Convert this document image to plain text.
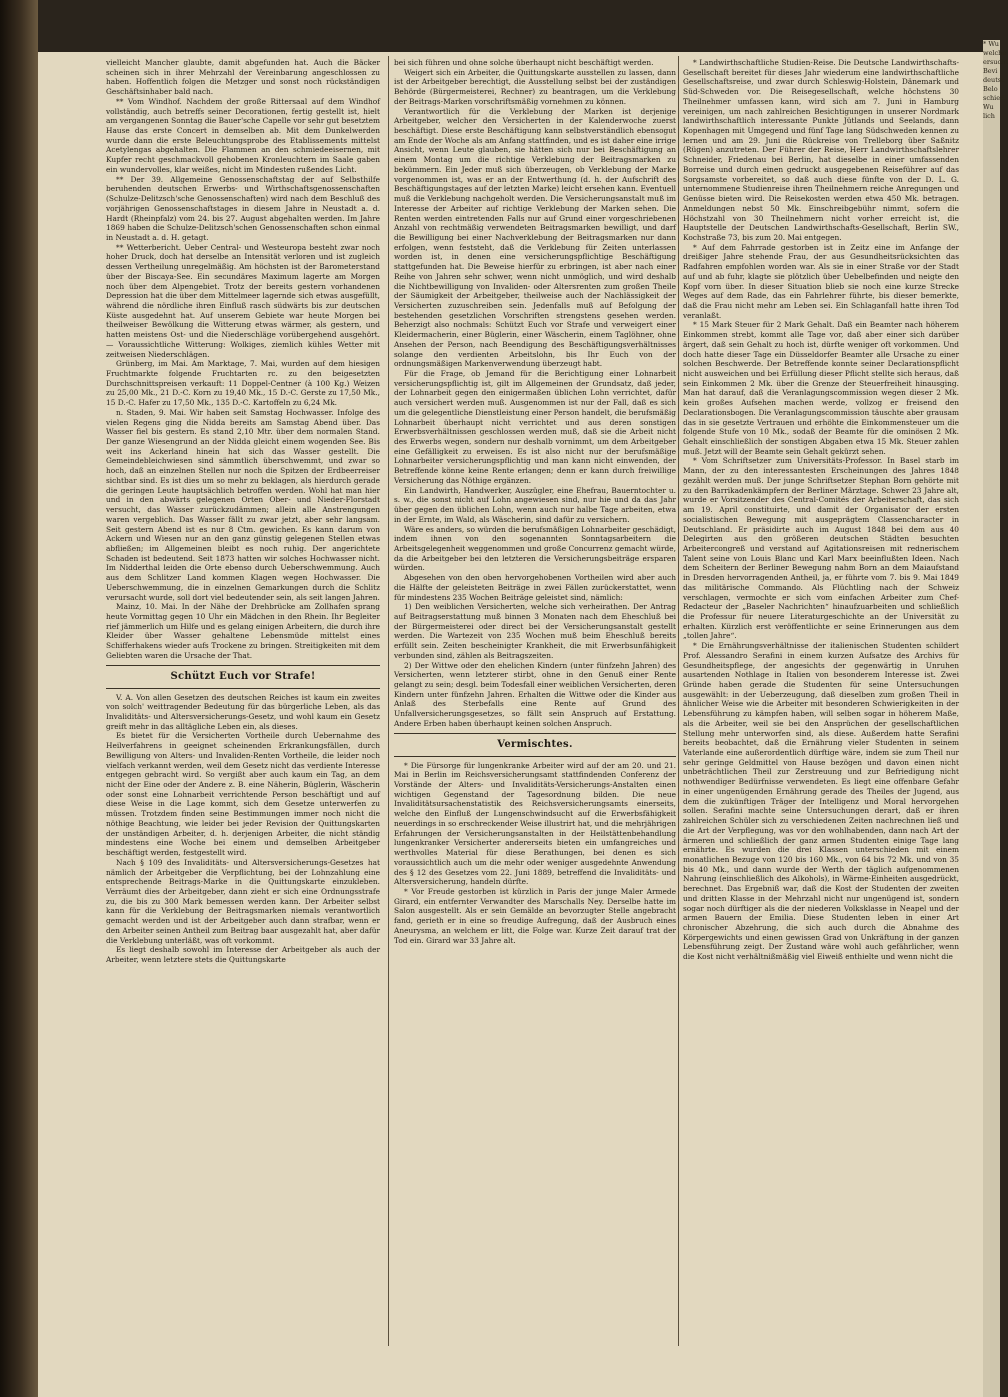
vielleicht Mancher glaubte, damit abgefunden hat. Auch die Bäcker scheinen sich in ihrer Mehrzahl der Vereinbarung angeschlossen zu haben. Hoffentlich folgen die Metzger und sonst noch rückständigen Geschäftsinhaber bald nach.

** Vom Windhof. Nachdem der große Rittersaal auf dem Windhof vollständig, auch betreffs seiner Decorationen, fertig gestellt ist, hielt am vergangenen Sonntag die Bauer'sche Capelle vor sehr gut besetztem Hause das erste Concert in demselben ab. Mit dem Dunkelwerden wurde dann die erste Beleuchtungsprobe des Etablissements mittelst Acetylengas abgehalten. Die Flammen an den schmiedeeisernen, mit Kupfer recht geschmackvoll gehobenen Kronleuchtern im Saale gaben ein wundervolles, klar weißes, nicht im Mindesten rußendes Licht.

** Der 39. Allgemeine Genossenschaftstag der auf Selbsthilfe beruhenden deutschen Erwerbs- und Wirthschaftsgenossenschaften (Schulze-Delitzsch'sche Genossenschaften) wird nach dem Beschluß des vorjährigen Genossenschaftstages in diesem Jahre in Neustadt a. d. Hardt (Rheinpfalz) vom 24. bis 27. August abgehalten werden. Im Jahre 1869 haben die Schulze-Delitzsch'schen Genossenschaften schon einmal in Neustadt a. d. H. getagt.

** Wetterbericht. Ueber Central- und Westeuropa besteht zwar noch hoher Druck, doch hat derselbe an Intensität verloren und ist zugleich dessen Vertheilung unregelmäßig. Am höchsten ist der Barometerstand über der Biscaya-See. Ein secundäres Maximum lagerte am Morgen noch über dem Alpengebiet. Trotz der bereits gestern vorhandenen Depression hat die über dem Mittelmeer lagernde sich etwas ausgefüllt, während die nördliche ihren Einfluß rasch südwärts bis zur deutschen Küste ausgedehnt hat. Auf unserem Gebiete war heute Morgen bei theilweiser Bewölkung die Witterung etwas wärmer, als gestern, und hatten meistens Ost- und die Niederschläge vorübergehend ausgehört. — Voraussichtliche Witterung: Wolkiges, ziemlich kühles Wetter mit zeitweisen Niederschlägen.

Grünberg, im Mai. Am Marktage, 7. Mai, wurden auf dem hiesigen Fruchtmarkte folgende Fruchtarten rc. zu den beigesetzten Durchschnittspreisen verkauft: 11 Doppel-Centner (à 100 Kg.) Weizen zu 25,00 Mk., 21 D.-C. Korn zu 19,40 Mk., 15 D.-C. Gerste zu 17,50 Mk., 15 D.-C. Hafer zu 17,50 Mk., 135 D.-C. Kartoffeln zu 6,24 Mk.

n. Staden, 9. Mai. Wir haben seit Samstag Hochwasser. Infolge des vielen Regens ging die Nidda bereits am Samstag Abend über. Das Wasser fiel bis gestern. Es stand 2,10 Mtr. über dem normalen Stand. Der ganze Wiesengrund an der Nidda gleicht einem wogenden See. Bis weit ins Ackerland hinein hat sich das Wasser gestellt. Die Gemeindebleichwiesen sind sämmtlich überschwemmt, und zwar so hoch, daß an einzelnen Stellen nur noch die Spitzen der Erdbeerreiser sichtbar sind. Es ist dies um so mehr zu beklagen, als hierdurch gerade die geringen Leute hauptsächlich betroffen werden. Wohl hat man hier und in den abwärts gelegenen Orten Ober- und Nieder-Florstadt versucht, das Wasser zurückzudämmen; allein alle Anstrengungen waren vergeblich. Das Wasser fällt zu zwar jetzt, aber sehr langsam. Seit gestern Abend ist es nur 8 Ctm. gewichen. Es kann darum von Ackern und Wiesen nur an den ganz günstig gelegenen Stellen etwas abfließen; im Allgemeinen bleibt es noch ruhig. Der angerichtete Schaden ist bedeutend. Seit 1873 hatten wir solches Hochwasser nicht. Im Nidderthal leiden die Orte ebenso durch Ueberschwemmung. Auch aus dem Schlitzer Land kommen Klagen wegen Hochwasser. Die Ueberschwemmung, die in einzelnen Gemarkungen durch die Schlitz verursacht wurde, soll dort viel bedeutender sein, als seit langen Jahren.

Mainz, 10. Mai. In der Nähe der Drehbrücke am Zollhafen sprang heute Vormittag gegen 10 Uhr ein Mädchen in den Rhein. Ihr Begleiter rief jämmerlich um Hilfe und es gelang einigen Arbeitern, die durch ihre Kleider über Wasser gehaltene Lebensmüde mittelst eines Schifferhakens wieder aufs Trockene zu bringen. Streitigkeiten mit dem Geliebten waren die Ursache der That.

Schützt Euch vor Strafe!

V. A. Von allen Gesetzen des deutschen Reiches ist kaum ein zweites von solch' weittragender Bedeutung für das bürgerliche Leben, als das Invaliditäts- und Altersversicherungs-Gesetz, und wohl kaum ein Gesetz greift mehr in das alltägliche Leben ein, als dieses.

Es bietet für die Versicherten Vortheile durch Uebernahme des Heilverfahrens in geeignet scheinenden Erkrankungsfällen, durch Bewilligung von Alters- und Invaliden-Renten Vortheile, die leider noch vielfach verkannt werden, weil dem Gesetz nicht das verdiente Interesse entgegen gebracht wird. So vergißt aber auch kaum ein Tag, an dem nicht der Eine oder der Andere z. B. eine Näherin, Büglerin, Wäscherin oder sonst eine Lohnarbeit verrichtende Person beschäftigt und auf diese Weise in die Lage kommt, sich dem Gesetze unterwerfen zu müssen. Trotzdem finden seine Bestimmungen immer noch nicht die nöthige Beachtung, wie leider bei jeder Revision der Quittungskarten der unständigen Arbeiter, d. h. derjenigen Arbeiter, die nicht ständig mindestens eine Woche bei einem und demselben Arbeitgeber beschäftigt werden, festgestellt wird.

Nach § 109 des Invaliditäts- und Altersversicherungs-Gesetzes hat nämlich der Arbeitgeber die Verpflichtung, bei der Lohnzahlung eine entsprechende Beitrags-Marke in die Quittungskarte einzukleben. Verräumt dies der Arbeitgeber, dann zieht er sich eine Ordnungsstrafe zu, die bis zu 300 Mark bemessen werden kann. Der Arbeiter selbst kann für die Verklebung der Beitragsmarken niemals verantwortlich gemacht werden und ist der Arbeitgeber auch dann strafbar, wenn er den Arbeiter seinen Antheil zum Beitrag baar ausgezahlt hat, aber dafür die Verklebung unterläßt, was oft vorkommt.

Es liegt deshalb sowohl im Interesse der Arbeitgeber als auch der Arbeiter, wenn letztere stets die Quittungskarte

bei sich führen und ohne solche überhaupt nicht beschäftigt werden.

Weigert sich ein Arbeiter, die Quittungskarte ausstellen zu lassen, dann ist der Arbeitgeber berechtigt, die Ausstellung selbst bei der zuständigen Behörde (Bürgermeisterei, Rechner) zu beantragen, um die Verklebung der Beitrags-Marken vorschriftsmäßig vornehmen zu können.

Verantwortlich für die Verklebung der Marken ist derjenige Arbeitgeber, welcher den Versicherten in der Kalenderwoche zuerst beschäftigt. Diese erste Beschäftigung kann selbstverständlich ebensogut am Ende der Woche als am Anfang stattfinden, und es ist daher eine irrige Ansicht, wenn Leute glauben, sie hätten sich nur bei Beschäftigung an einem Montag um die richtige Verklebung der Beitragsmarken zu bekümmern. Ein Jeder muß sich überzeugen, ob Verklebung der Marke vorgenommen ist, was er an der Entwerthung (d. h. der Aufschrift des Beschäftigungstages auf der letzten Marke) leicht ersehen kann. Eventuell muß die Verklebung nachgeholt werden. Die Versicherungsanstalt muß im Interesse der Arbeiter auf richtige Verklebung der Marken sehen. Die Renten werden eintretenden Falls nur auf Grund einer vorgeschriebenen Anzahl von rechtmäßig verwendeten Beitragsmarken bewilligt, und darf die Bewilligung bei einer Nachverklebung der Beitragsmarken nur dann erfolgen, wenn feststeht, daß die Verklebung für Zeiten unterlassen worden ist, in denen eine versicherungspflichtige Beschäftigung stattgefunden hat. Die Beweise hierfür zu erbringen, ist aber nach einer Reihe von Jahren sehr schwer, wenn nicht unmöglich, und wird deshalb die Nichtbewilligung von Invaliden- oder Altersrenten zum großen Theile der Säumigkeit der Arbeitgeber, theilweise auch der Nachlässigkeit der Versicherten zuzuschreiben sein. Jedenfalls muß auf Befolgung der bestehenden gesetzlichen Vorschriften strengstens gesehen werden. Beherzigt also nochmals: Schützt Euch vor Strafe und verweigert einer Kleidermacherin, einer Büglerin, einer Wäscherin, einem Taglöhner, ohne Ansehen der Person, nach Beendigung des Beschäftigungsverhältnisses solange den verdienten Arbeitslohn, bis Ihr Euch von der ordnungsmäßigen Markenverwendung überzeugt habt.

Für die Frage, ob Jemand für die Berichtigung einer Lohnarbeit versicherungspflichtig ist, gilt im Allgemeinen der Grundsatz, daß jeder, der Lohnarbeit gegen den einigermaßen üblichen Lohn verrichtet, dafür auch versichert werden muß. Ausgenommen ist nur der Fall, daß es sich um die gelegentliche Dienstleistung einer Person handelt, die berufsmäßig Lohnarbeit überhaupt nicht verrichtet und aus deren sonstigen Erwerbsverhältnissen geschlossen werden muß, daß sie die Arbeit nicht des Erwerbs wegen, sondern nur deshalb vornimmt, um dem Arbeitgeber eine Gefälligkeit zu erweisen. Es ist also nicht nur der berufsmäßige Lohnarbeiter versicherungspflichtig und man kann nicht einwenden, der Betreffende könne keine Rente erlangen; denn er kann durch freiwillige Versicherung das Nöthige ergänzen.

Ein Landwirth, Handwerker, Auszügler, eine Ehefrau, Bauerntochter u. s. w., die sonst nicht auf Lohn angewiesen sind, nur hie und da das Jahr über gegen den üblichen Lohn, wenn auch nur halbe Tage arbeiten, etwa in der Ernte, im Wald, als Wäscherin, sind dafür zu versichern.

Wäre es anders, so würden die berufsmäßigen Lohnarbeiter geschädigt, indem ihnen von den sogenannten Sonntagsarbeitern die Arbeitsgelegenheit weggenommen und große Concurrenz gemacht würde, da die Arbeitgeber bei den letzteren die Versicherungsbeiträge ersparen würden.

Abgesehen von den oben hervorgehobenen Vortheilen wird aber auch die Hälfte der geleisteten Beiträge in zwei Fällen zurückerstattet, wenn für mindestens 235 Wochen Beiträge geleistet sind, nämlich:

1) Den weiblichen Versicherten, welche sich verheirathen. Der Antrag auf Beitragserstattung muß binnen 3 Monaten nach dem Eheschluß bei der Bürgermeisterei oder direct bei der Versicherungsanstalt gestellt werden. Die Wartezeit von 235 Wochen muß beim Eheschluß bereits erfüllt sein. Zeiten bescheinigter Krankheit, die mit Erwerbsunfähigkeit verbunden sind, zählen als Beitragszeiten.

2) Der Wittwe oder den ehelichen Kindern (unter fünfzehn Jahren) des Versicherten, wenn letzterer stirbt, ohne in den Genuß einer Rente gelangt zu sein; desgl. beim Todesfall einer weiblichen Versicherten, deren Kindern unter fünfzehn Jahren. Erhalten die Wittwe oder die Kinder aus Anlaß des Sterbefalls eine Rente auf Grund des Unfallversicherungsgesetzes, so fällt sein Anspruch auf Erstattung. Andere Erben haben überhaupt keinen solchen Anspruch.

Vermischtes.

* Die Fürsorge für lungenkranke Arbeiter wird auf der am 20. und 21. Mai in Berlin im Reichsversicherungsamt stattfindenden Conferenz der Vorstände der Alters- und Invaliditäts-Versicherungs-Anstalten einen wichtigen Gegenstand der Tagesordnung bilden. Die neue Invaliditätsursachenstatistik des Reichsversicherungsamts einerseits, welche den Einfluß der Lungenschwindsucht auf die Erwerbsfähigkeit neuerdings in so erschreckender Weise illustrirt hat, und die mehrjährigen Erfahrungen der Versicherungsanstalten in der Heilstättenbehandlung lungenkranker Versicherter andererseits bieten ein umfangreiches und werthvolles Material für diese Berathungen, bei denen es sich voraussichtlich auch um die mehr oder weniger ausgedehnte Anwendung des § 12 des Gesetzes vom 22. Juni 1889, betreffend die Invaliditäts- und Altersversicherung, handeln dürfte.

* Vor Freude gestorben ist kürzlich in Paris der junge Maler Armede Girard, ein entfernter Verwandter des Marschalls Ney. Derselbe hatte im Salon ausgestellt. Als er sein Gemälde an bevorzugter Stelle angebracht fand, gerieth er in eine so freudige Aufregung, daß der Ausbruch eines Aneurysma, an welchem er litt, die Folge war. Kurze Zeit darauf trat der Tod ein. Girard war 33 Jahre alt.

* Landwirthschaftliche Studien-Reise. Die Deutsche Landwirthschafts-Gesellschaft bereitet für dieses Jahr wiederum eine landwirthschaftliche Gesellschaftsreise, und zwar durch Schleswig-Holstein, Dänemark und Süd-Schweden vor. Die Reisegesellschaft, welche höchstens 30 Theilnehmer umfassen kann, wird sich am 7. Juni in Hamburg vereinigen, um nach zahlreichen Besichtigungen in unserer Nordmark landwirthschaftlich interessante Punkte Jütlands und Seelands, dann Kopenhagen mit Umgegend und fünf Tage lang Südschweden kennen zu lernen und am 29. Juni die Rückreise von Trelleborg über Saßnitz (Rügen) anzutreten. Der Führer der Reise, Herr Landwirthschaftslehrer Schneider, Friedenau bei Berlin, hat dieselbe in einer umfassenden Borreise und durch einen gedruckt ausgegebenen Reiseführer auf das Sorgsamste vorbereitet, so daß auch diese fünfte von der D. L. G. unternommene Studienreise ihren Theilnehmern reiche Anregungen und Genüsse bieten wird. Die Reisekosten werden etwa 450 Mk. betragen. Anmeldungen nebst 50 Mk. Einschreibgebühr nimmt, sofern die Höchstzahl von 30 Theilnehmern nicht vorher erreicht ist, die Hauptstelle der Deutschen Landwirthschafts-Gesellschaft, Berlin SW., Kochstraße 73, bis zum 20. Mai entgegen.

* Auf dem Fahrrade gestorben ist in Zeitz eine im Anfange der dreißiger Jahre stehende Frau, der aus Gesundheitsrücksichten das Radfahren empfohlen worden war. Als sie in einer Straße vor der Stadt auf und ab fuhr, klagte sie plötzlich über Uebelbefinden und neigte den Kopf vorn über. In dieser Situation blieb sie noch eine kurze Strecke Weges auf dem Rade, das ein Fahrlehrer führte, bis dieser bemerkte, daß die Frau nicht mehr am Leben sei. Ein Schlaganfall hatte ihren Tod veranlaßt.

* 15 Mark Steuer für 2 Mark Gehalt. Daß ein Beamter nach höherem Einkommen strebt, kommt alle Tage vor, daß aber einer sich darüber ärgert, daß sein Gehalt zu hoch ist, dürfte weniger oft vorkommen. Und doch hatte dieser Tage ein Düsseldorfer Beamter alle Ursache zu einer solchen Beschwerde. Der Betreffende konnte seiner Declarationspflicht nicht ausweichen und bei Erfüllung dieser Pflicht stellte sich heraus, daß sein Einkommen 2 Mk. über die Grenze der Steuerfreiheit hinausging. Man hat darauf, daß die Veranlagungscommission wegen dieser 2 Mk. kein großes Aufsehen machen werde, vollzog er freisend den Declarationsbogen. Die Veranlagungscommission täuschte aber grausam das in sie gesetzte Vertrauen und erhöhte die Einkommensteuer um die folgende Stufe von 10 Mk., sodaß der Beamte für die ominösen 2 Mk. Gehalt einschließlich der sonstigen Abgaben etwa 15 Mk. Steuer zahlen muß. Jetzt will der Beamte sein Gehalt gekürzt sehen.

* Vom Schriftsetzer zum Universitäts-Professor. In Basel starb im Mann, der zu den interessantesten Erscheinungen des Jahres 1848 gezählt werden muß. Der junge Schriftsetzer Stephan Born gehörte mit zu den Barrikadenkämpfern der Berliner Märztage. Schwer 23 Jahre alt, wurde er Vorsitzender des Central-Comités der Arbeiterschaft, das sich am 19. April constituirte, und damit der Organisator der ersten socialistischen Bewegung mit ausgeprägtem Classencharacter in Deutschland. Er präsidirte auch im August 1848 bei dem aus 40 Delegirten aus den größeren deutschen Städten besuchten Arbeitercongreß und verstand auf Agitationsreisen mit rednerischem Talent seine von Louis Blanc und Karl Marx beeinflußten Ideen. Nach dem Scheitern der Berliner Bewegung nahm Born an dem Maiaufstand in Dresden hervorragenden Antheil, ja, er führte vom 7. bis 9. Mai 1849 das militärische Commando. Als Flüchtling nach der Schweiz verschlagen, vermochte er sich vom einfachen Arbeiter zum Chef-Redacteur der „Baseler Nachrichten“ hinaufzuarbeiten und schließlich die Professur für neuere Literaturgeschichte an der Universität zu erhalten. Kürzlich erst veröffentlichte er seine Erinnerungen aus dem „tollen Jahre“.

* Die Ernährungsverhältnisse der italienischen Studenten schildert Prof. Alessandro Serafini in einem kurzen Aufsatze des Archivs für Gesundheitspflege, der angesichts der gegenwärtig in Unruhen ausartenden Nothlage in Italien von besonderem Interesse ist. Zwei Gründe haben gerade die Studenten für seine Untersuchungen ausgewählt: in der Ueberzeugung, daß dieselben zum großen Theil in ähnlicher Weise wie die Arbeiter mit besonderen Schwierigkeiten in der Lebensführung zu kämpfen haben, will selben sogar in höherem Maße, als die Arbeiter, weil sie bei den Ansprüchen der gesellschaftlichen Stellung mehr unterworfen sind, als diese. Außerdem hatte Serafini bereits beobachtet, daß die Ernährung vieler Studenten in seinem Vaterlande eine außerordentlich dürftige wäre, indem sie zum Theil nur sehr geringe Geldmittel von Hause bezögen und davon einen nicht unbeträchtlichen Theil zur Zerstreuung und zur Befriedigung nicht nothwendiger Bedürfnisse verwendeten. Es liegt eine offenbare Gefahr in einer ungenügenden Ernährung gerade des Theiles der Jugend, aus dem die zukünftigen Träger der Intelligenz und Moral hervorgehen sollen. Serafini machte seine Untersuchungen derart, daß er ihren zahlreichen Schüler sich zu verschiedenen Zeiten nachrechnen ließ und die Art der Verpflegung, was vor den wohlhabenden, dann nach Art der ärmeren und schließlich der ganz armen Studenten einige Tage lang ernährte. Es wurden die drei Klassen unterschieden mit einem monatlichen Bezuge von 120 bis 160 Mk., von 64 bis 72 Mk. und von 35 bis 40 Mk., und dann wurde der Werth der täglich aufgenommenen Nahrung (einschließlich des Alkohols), in Wärme-Einheiten ausgedrückt, berechnet. Das Ergebniß war, daß die Kost der Studenten der zweiten und dritten Klasse in der Mehrzahl nicht nur ungenügend ist, sondern sogar noch dürftiger als die der niederen Volksklasse in Neapel und der armen Bauern der Emilia. Diese Studenten leben in einer Art chronischer Abzehrung, die sich auch durch die Abnahme des Körpergewichts und einen gewissen Grad von Unkräftung in der ganzen Lebensführung zeigt. Der Zustand wäre wohl auch gefährlicher, wenn die Kost nicht verhältnißmäßig viel Eiweiß enthielte und wenn nicht die

* Wu
welche
ersucht
Bevi
deutsc
Belo
schiedl
Wu
lich
